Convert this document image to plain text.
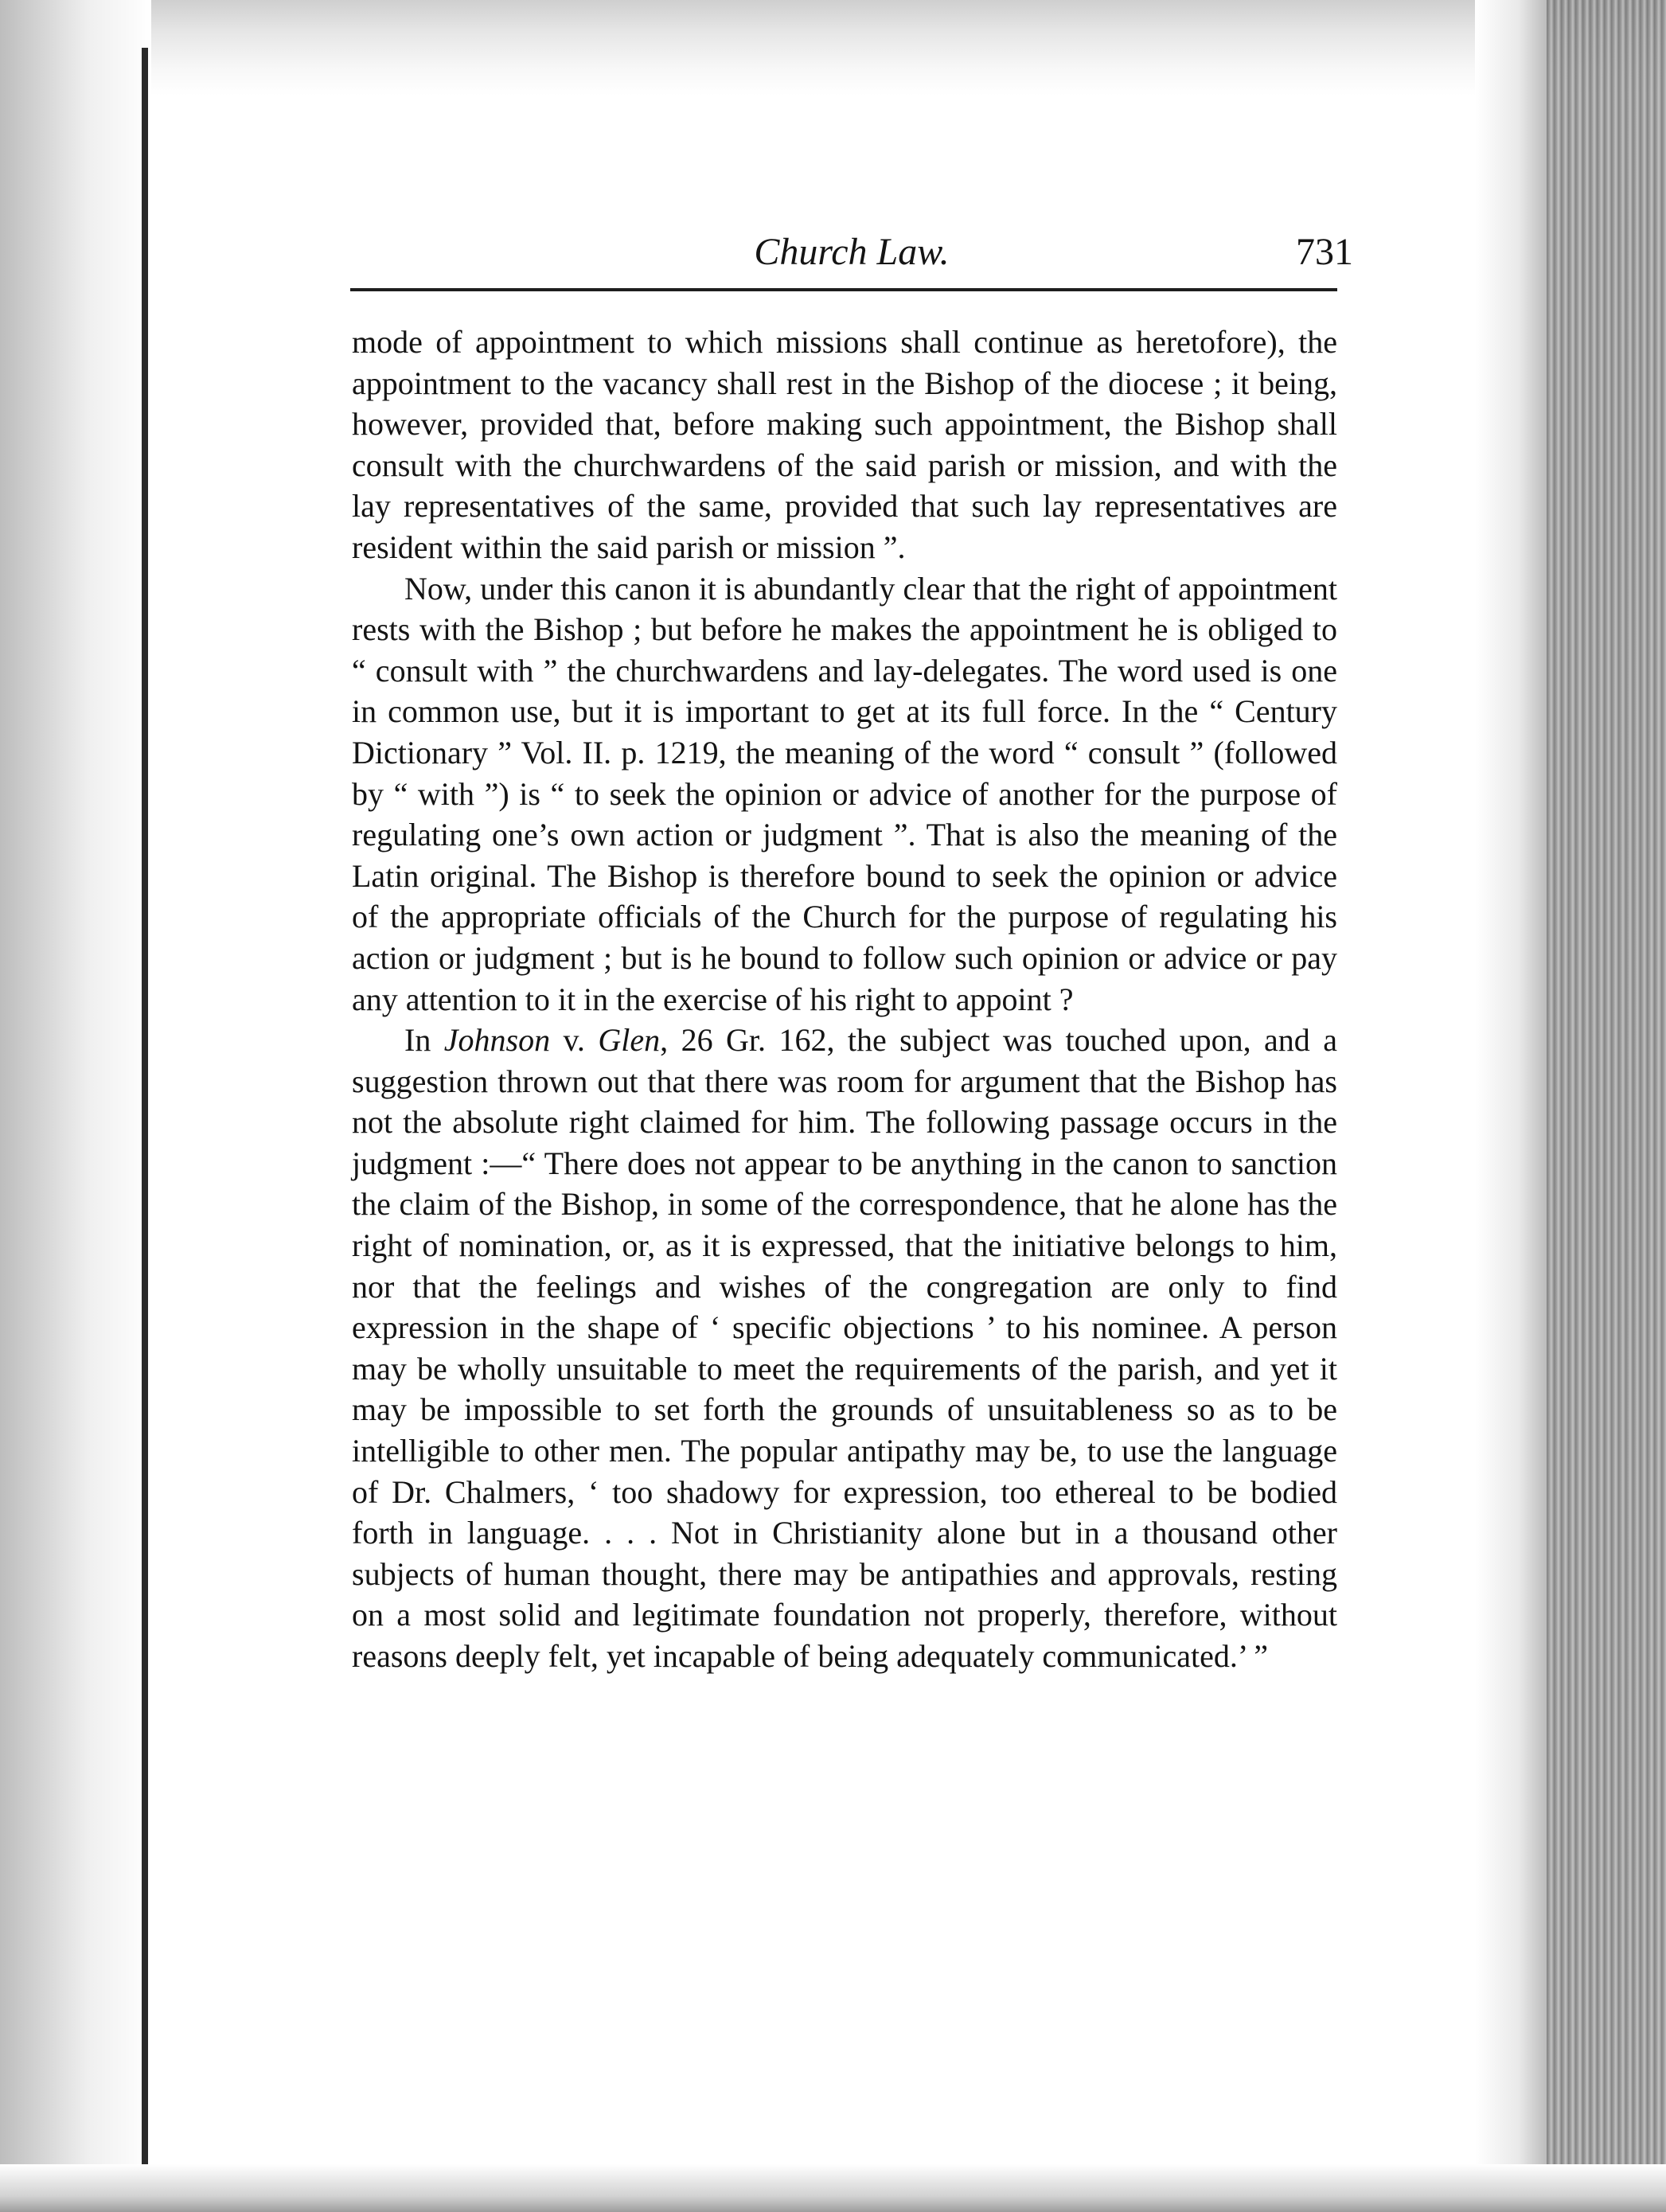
Church Law.	731

mode of appointment to which missions shall continue as heretofore), the appointment to the vacancy shall rest in the Bishop of the diocese ; it being, however, provided that, before making such appointment, the Bishop shall consult with the churchwardens of the said parish or mission, and with the lay representatives of the same, provided that such lay representatives are resident within the said parish or mission ”.

Now, under this canon it is abundantly clear that the right of appointment rests with the Bishop ; but before he makes the appointment he is obliged to “ consult with ” the churchwardens and lay-delegates. The word used is one in common use, but it is important to get at its full force. In the “ Century Dictionary ” Vol. II. p. 1219, the meaning of the word “ consult ” (followed by “ with ”) is “ to seek the opinion or advice of another for the purpose of regulating one’s own action or judgment ”. That is also the meaning of the Latin original. The Bishop is therefore bound to seek the opinion or advice of the appropriate officials of the Church for the purpose of regulating his action or judgment ; but is he bound to follow such opinion or advice or pay any attention to it in the exercise of his right to appoint ?

In Johnson v. Glen, 26 Gr. 162, the subject was touched upon, and a suggestion thrown out that there was room for argument that the Bishop has not the absolute right claimed for him. The following passage occurs in the judgment :—“ There does not appear to be anything in the canon to sanction the claim of the Bishop, in some of the correspondence, that he alone has the right of nomination, or, as it is expressed, that the initiative belongs to him, nor that the feelings and wishes of the congregation are only to find expression in the shape of ‘ specific objections ’ to his nominee. A person may be wholly unsuitable to meet the requirements of the parish, and yet it may be impossible to set forth the grounds of unsuitableness so as to be intelligible to other men. The popular antipathy may be, to use the language of Dr. Chalmers, ‘ too shadowy for expression, too ethereal to be bodied forth in language. . . . Not in Christianity alone but in a thousand other subjects of human thought, there may be antipathies and approvals, resting on a most solid and legitimate foundation not properly, therefore, without reasons deeply felt, yet incapable of being adequately communicated.’ ”
